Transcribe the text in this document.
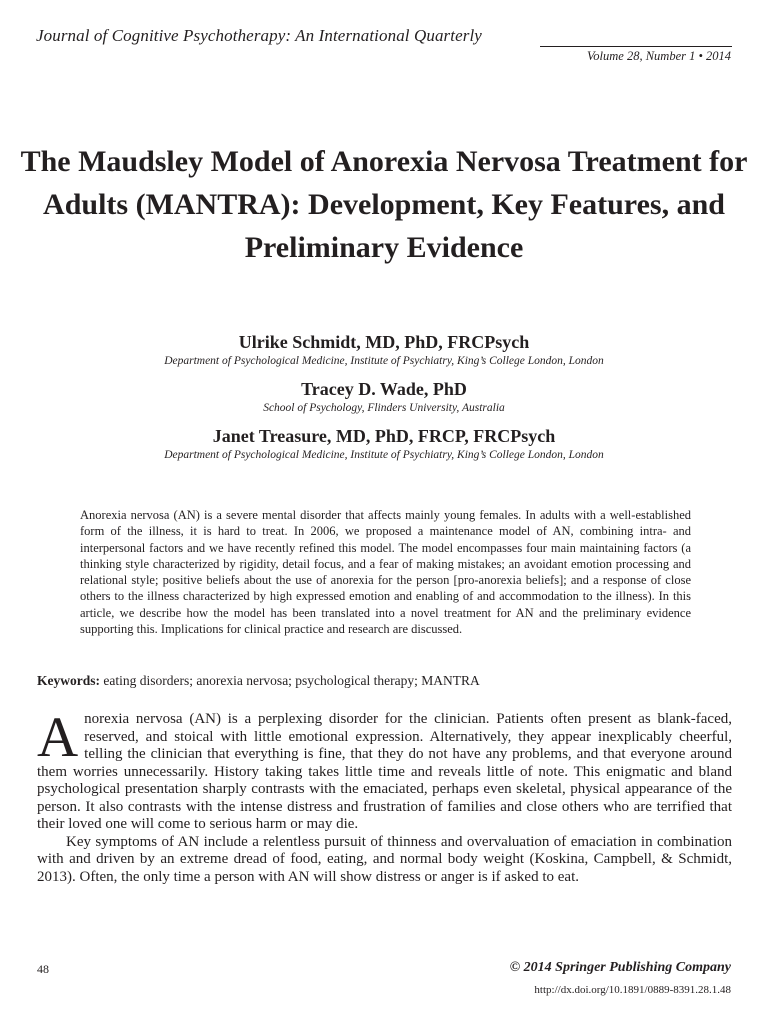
Journal of Cognitive Psychotherapy: An International Quarterly
Volume 28, Number 1 • 2014
The Maudsley Model of Anorexia Nervosa Treatment for Adults (MANTRA): Development, Key Features, and Preliminary Evidence

Ulrike Schmidt, MD, PhD, FRCPsych

Department of Psychological Medicine, Institute of Psychiatry, King’s College London, London

Tracey D. Wade, PhD

School of Psychology, Flinders University, Australia

Janet Treasure, MD, PhD, FRCP, FRCPsych

Department of Psychological Medicine, Institute of Psychiatry, King’s College London, London

Anorexia nervosa (AN) is a severe mental disorder that affects mainly young females. In adults with a well-established form of the illness, it is hard to treat. In 2006, we proposed a maintenance model of AN, combining intra- and interpersonal factors and we have recently refined this model. The model encompasses four main maintaining factors (a thinking style characterized by rigidity, detail focus, and a fear of making mistakes; an avoidant emotion processing and relational style; positive beliefs about the use of anorexia for the person [pro-anorexia beliefs]; and a response of close others to the illness characterized by high expressed emotion and enabling of and accommodation to the illness). In this article, we describe how the model has been translated into a novel treatment for AN and the preliminary evidence supporting this. Implications for clinical practice and research are discussed.
Keywords: eating disorders; anorexia nervosa; psychological therapy; MANTRA

Anorexia nervosa (AN) is a perplexing disorder for the clinician. Patients often present as blank-faced, reserved, and stoical with little emotional expression. Alternatively, they appear inexplicably cheerful, telling the clinician that everything is fine, that they do not have any problems, and that everyone around them worries unnecessarily. History taking takes little time and reveals little of note. This enigmatic and bland psychological presentation sharply contrasts with the emaciated, perhaps even skeletal, physical appearance of the person. It also contrasts with the intense distress and frustration of families and close others who are terrified that their loved one will come to serious harm or may die.

Key symptoms of AN include a relentless pursuit of thinness and overvaluation of emaciation in combination with and driven by an extreme dread of food, eating, and normal body weight (Koskina, Campbell, & Schmidt, 2013). Often, the only time a person with AN will show distress or anger is if asked to eat.

48	© 2014 Springer Publishing Company
http://dx.doi.org/10.1891/0889-8391.28.1.48
